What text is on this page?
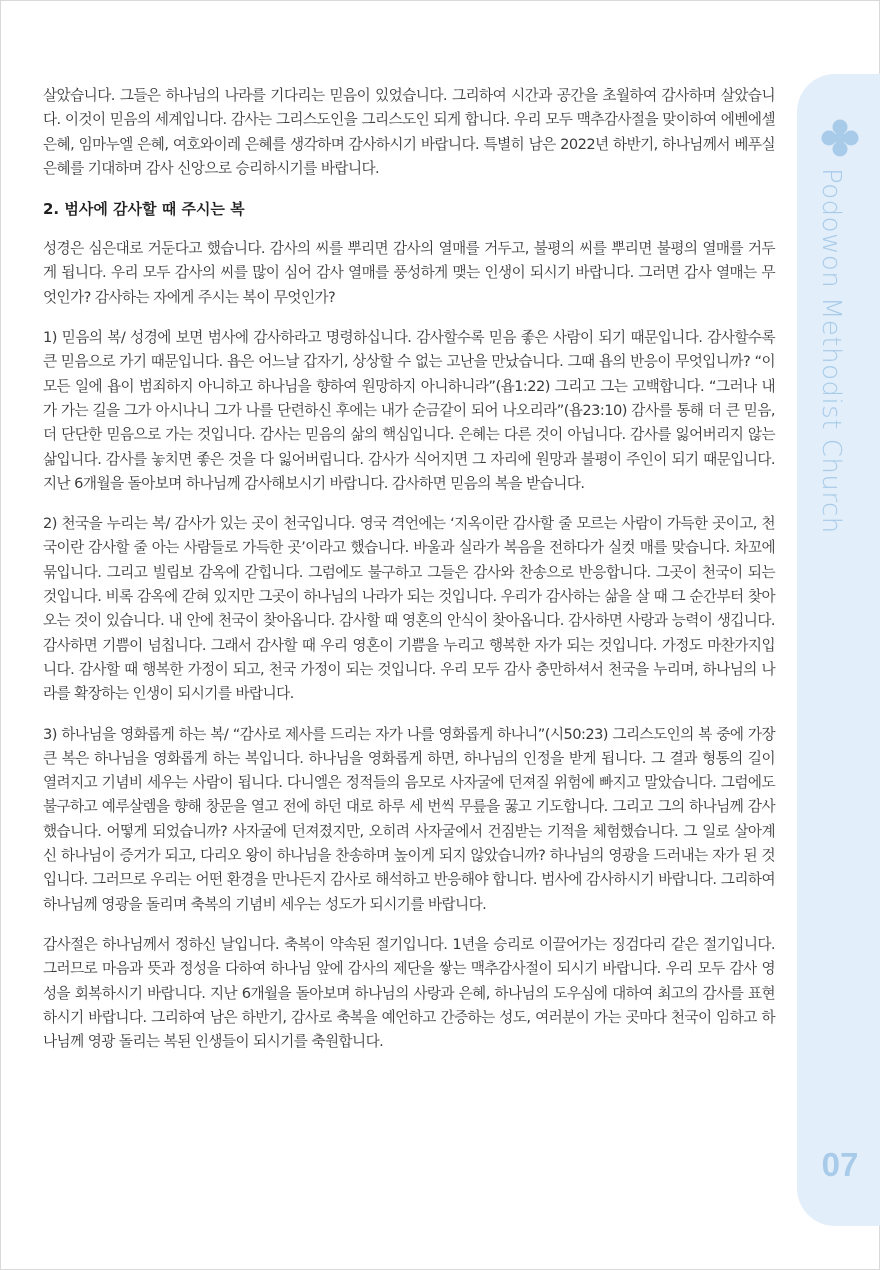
Podowon Methodist Church
07

살았습니다. 그들은 하나님의 나라를 기다리는 믿음이 있었습니다. 그리하여 시간과 공간을 초월하여 감사하며 살았습니다. 이것이 믿음의 세계입니다. 감사는 그리스도인을 그리스도인 되게 합니다. 우리 모두 맥추감사절을 맞이하여 에벤에셀 은혜, 임마누엘 은혜, 여호와이레 은혜를 생각하며 감사하시기 바랍니다. 특별히 남은 2022년 하반기, 하나님께서 베푸실 은혜를 기대하며 감사 신앙으로 승리하시기를 바랍니다.

2. 범사에 감사할 때 주시는 복

성경은 심은대로 거둔다고 했습니다. 감사의 씨를 뿌리면 감사의 열매를 거두고, 불평의 씨를 뿌리면 불평의 열매를 거두게 됩니다. 우리 모두 감사의 씨를 많이 심어 감사 열매를 풍성하게 맺는 인생이 되시기 바랍니다. 그러면 감사 열매는 무엇인가? 감사하는 자에게 주시는 복이 무엇인가?

1) 믿음의 복/ 성경에 보면 범사에 감사하라고 명령하십니다. 감사할수록 믿음 좋은 사람이 되기 때문입니다. 감사할수록 큰 믿음으로 가기 때문입니다. 욥은 어느날 갑자기, 상상할 수 없는 고난을 만났습니다. 그때 욥의 반응이 무엇입니까? “이 모든 일에 욥이 범죄하지 아니하고 하나님을 향하여 원망하지 아니하니라”(욥1:22) 그리고 그는 고백합니다. “그러나 내가 가는 길을 그가 아시나니 그가 나를 단련하신 후에는 내가 순금같이 되어 나오리라”(욥23:10) 감사를 통해 더 큰 믿음, 더 단단한 믿음으로 가는 것입니다. 감사는 믿음의 삶의 핵심입니다. 은혜는 다른 것이 아닙니다. 감사를 잃어버리지 않는 삶입니다. 감사를 놓치면 좋은 것을 다 잃어버립니다. 감사가 식어지면 그 자리에 원망과 불평이 주인이 되기 때문입니다. 지난 6개월을 돌아보며 하나님께 감사해보시기 바랍니다. 감사하면 믿음의 복을 받습니다.

2) 천국을 누리는 복/ 감사가 있는 곳이 천국입니다. 영국 격언에는 ‘지옥이란 감사할 줄 모르는 사람이 가득한 곳이고, 천국이란 감사할 줄 아는 사람들로 가득한 곳’이라고 했습니다. 바울과 실라가 복음을 전하다가 실컷 매를 맞습니다. 차꼬에 묶입니다. 그리고 빌립보 감옥에 갇힙니다. 그럼에도 불구하고 그들은 감사와 찬송으로 반응합니다. 그곳이 천국이 되는 것입니다. 비록 감옥에 갇혀 있지만 그곳이 하나님의 나라가 되는 것입니다. 우리가 감사하는 삶을 살 때 그 순간부터 찾아오는 것이 있습니다. 내 안에 천국이 찾아옵니다. 감사할 때 영혼의 안식이 찾아옵니다. 감사하면 사랑과 능력이 생깁니다. 감사하면 기쁨이 넘칩니다. 그래서 감사할 때 우리 영혼이 기쁨을 누리고 행복한 자가 되는 것입니다. 가정도 마찬가지입니다. 감사할 때 행복한 가정이 되고, 천국 가정이 되는 것입니다. 우리 모두 감사 충만하셔서 천국을 누리며, 하나님의 나라를 확장하는 인생이 되시기를 바랍니다.

3) 하나님을 영화롭게 하는 복/ “감사로 제사를 드리는 자가 나를 영화롭게 하나니”(시50:23) 그리스도인의 복 중에 가장 큰 복은 하나님을 영화롭게 하는 복입니다. 하나님을 영화롭게 하면, 하나님의 인정을 받게 됩니다. 그 결과 형통의 길이 열려지고 기념비 세우는 사람이 됩니다. 다니엘은 정적들의 음모로 사자굴에 던져질 위험에 빠지고 말았습니다. 그럼에도 불구하고 예루살렘을 향해 창문을 열고 전에 하던 대로 하루 세 번씩 무릎을 꿇고 기도합니다. 그리고 그의 하나님께 감사했습니다. 어떻게 되었습니까? 사자굴에 던져졌지만, 오히려 사자굴에서 건짐받는 기적을 체험했습니다. 그 일로 살아계신 하나님이 증거가 되고, 다리오 왕이 하나님을 찬송하며 높이게 되지 않았습니까? 하나님의 영광을 드러내는 자가 된 것입니다. 그러므로 우리는 어떤 환경을 만나든지 감사로 해석하고 반응해야 합니다. 범사에 감사하시기 바랍니다. 그리하여 하나님께 영광을 돌리며 축복의 기념비 세우는 성도가 되시기를 바랍니다.

감사절은 하나님께서 정하신 날입니다. 축복이 약속된 절기입니다. 1년을 승리로 이끌어가는 징검다리 같은 절기입니다. 그러므로 마음과 뜻과 정성을 다하여 하나님 앞에 감사의 제단을 쌓는 맥추감사절이 되시기 바랍니다. 우리 모두 감사 영성을 회복하시기 바랍니다. 지난 6개월을 돌아보며 하나님의 사랑과 은혜, 하나님의 도우심에 대하여 최고의 감사를 표현하시기 바랍니다. 그리하여 남은 하반기, 감사로 축복을 예언하고 간증하는 성도, 여러분이 가는 곳마다 천국이 임하고 하나님께 영광 돌리는 복된 인생들이 되시기를 축원합니다.
